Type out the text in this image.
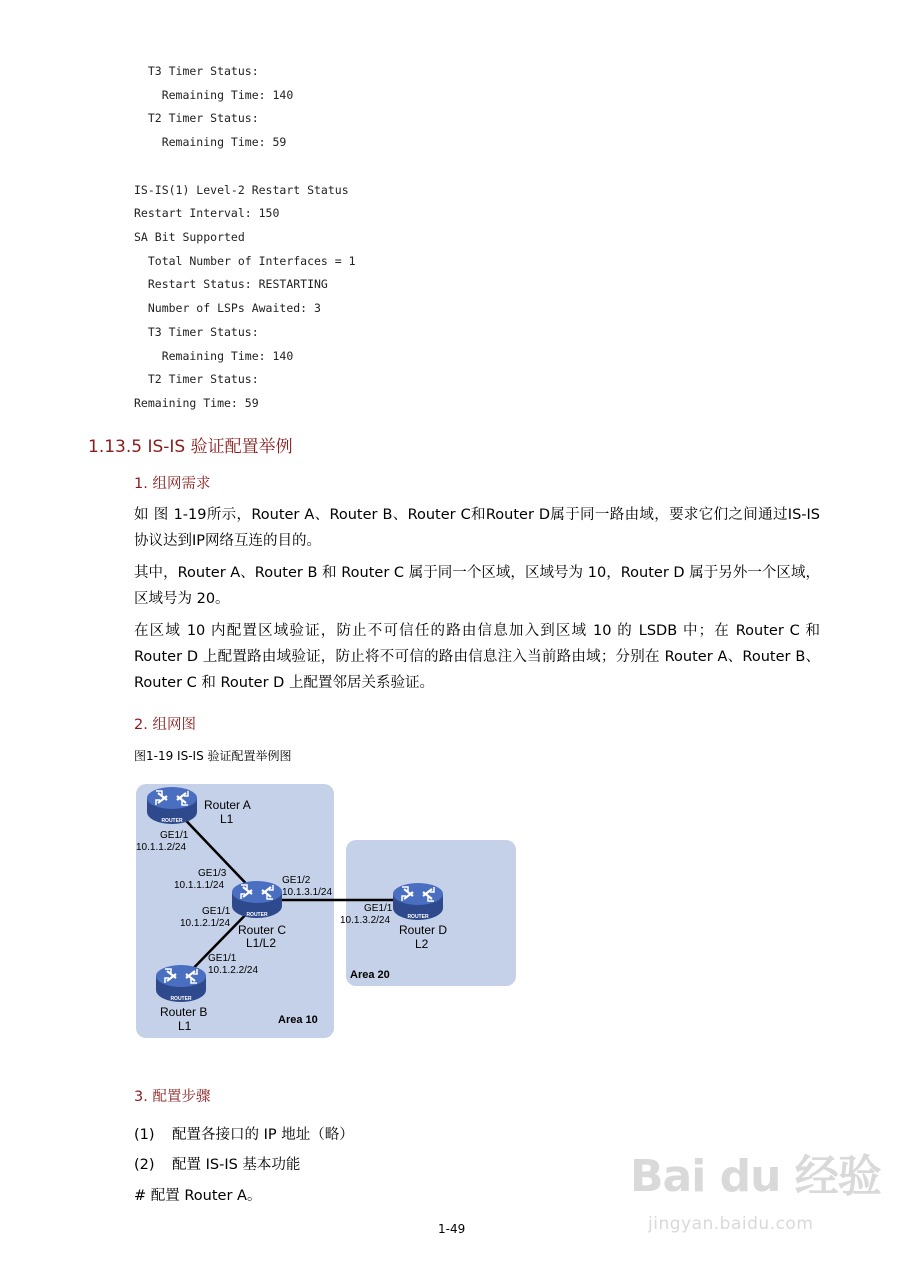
T3 Timer Status:
Remaining Time: 140
T2 Timer Status:
Remaining Time: 59
IS-IS(1) Level-2 Restart Status
Restart Interval: 150
SA Bit Supported
Total Number of Interfaces = 1
Restart Status: RESTARTING
Number of LSPs Awaited: 3
T3 Timer Status:
Remaining Time: 140
T2 Timer Status:
Remaining Time: 59
1.13.5 IS-IS 验证配置举例
1. 组网需求
如 图 1-19所示，Router A、Router B、Router C和Router D属于同一路由域，要求它们之间通过IS-IS协议达到IP网络互连的目的。
其中，Router A、Router B 和 Router C 属于同一个区域，区域号为 10，Router D 属于另外一个区域，区域号为 20。
在区域 10 内配置区域验证，防止不可信任的路由信息加入到区域 10 的 LSDB 中；在 Router C 和 Router D 上配置路由域验证，防止将不可信的路由信息注入当前路由域；分别在 Router A、Router B、Router C 和 Router D 上配置邻居关系验证。
2. 组网图
图1-19 IS-IS 验证配置举例图
ROUTER
ROUTER	ROUTER
ROUTER
Router A
L1
GE1/1
10.1.1.2/24
GE1/3
10.1.1.1/24	GE1/2
10.1.3.1/24
GE1/1
10.1.2.1/24 Router C
L1/L2
GE1/1
10.1.3.2/24
Router D
L2
GE1/1
10.1.2.2/24
Router B
L1	Area 10
Area 20
3. 配置步骤
(1) 配置各接口的 IP 地址（略）
(2) 配置 IS-IS 基本功能
# 配置 Router A。
1-49
Bai du 经验
jingyan.baidu.com
